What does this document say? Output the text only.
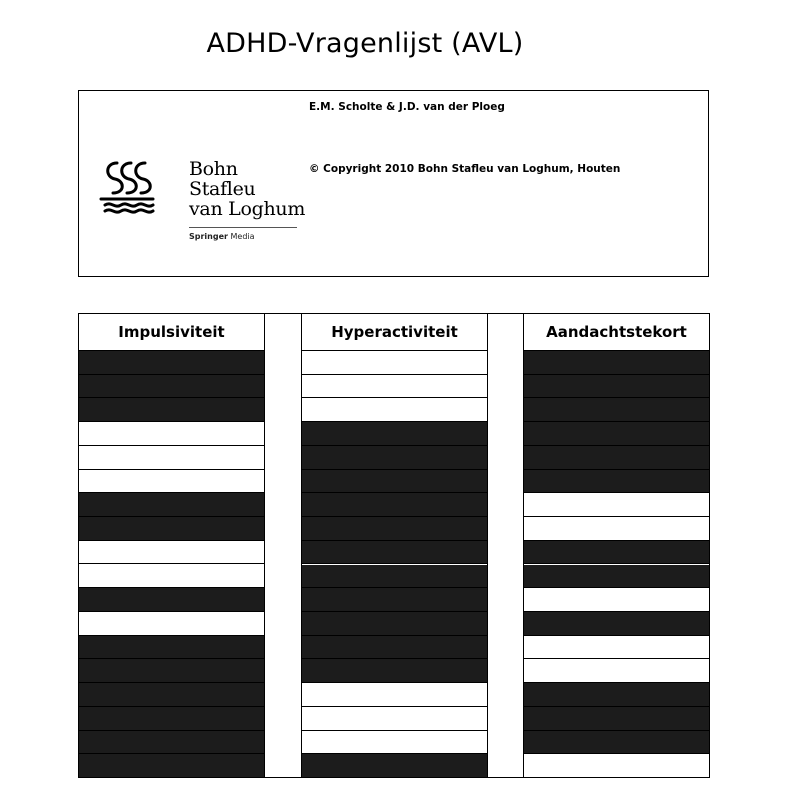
ADHD-Vragenlijst (AVL)
Bohn
Stafleu
van Loghum
Springer Media
E.M. Scholte & J.D. van der Ploeg
© Copyright 2010 Bohn Stafleu van Loghum, Houten
Impulsiviteit	Hyperactiviteit	Aandachtstekort
